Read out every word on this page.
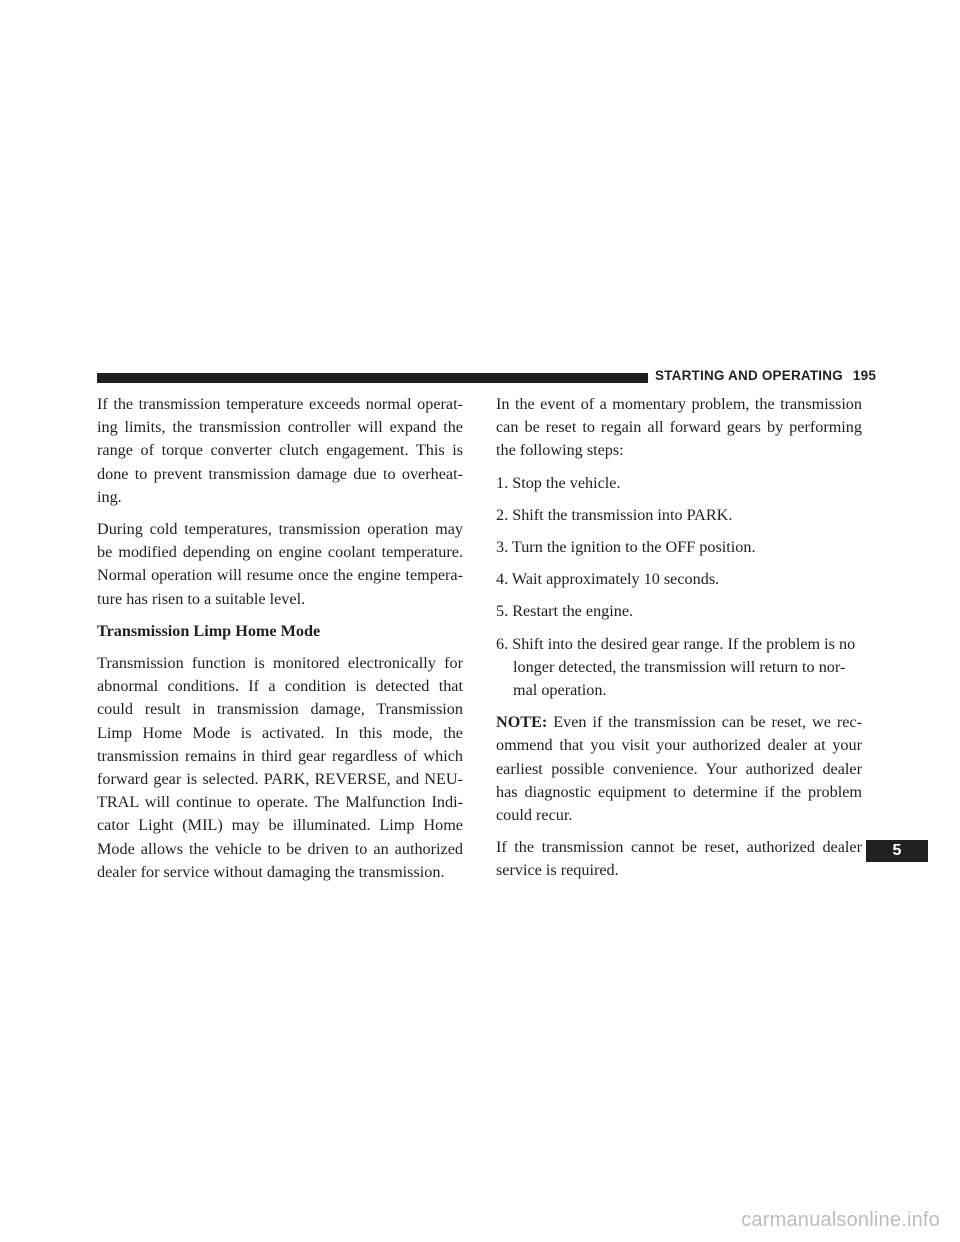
STARTING AND OPERATING 195

If the transmission temperature exceeds normal operat-ing limits, the transmission controller will expand the range of torque converter clutch engagement. This is done to prevent transmission damage due to overheat-ing.

During cold temperatures, transmission operation may be modified depending on engine coolant temperature. Normal operation will resume once the engine tempera-ture has risen to a suitable level.

Transmission Limp Home Mode

Transmission function is monitored electronically for abnormal conditions. If a condition is detected that could result in transmission damage, Transmission Limp Home Mode is activated. In this mode, the transmission remains in third gear regardless of which forward gear is selected. PARK, REVERSE, and NEU-TRAL will continue to operate. The Malfunction Indi-cator Light (MIL) may be illuminated. Limp Home Mode allows the vehicle to be driven to an authorized dealer for service without damaging the transmission.

In the event of a momentary problem, the transmission can be reset to regain all forward gears by performing the following steps:

1. Stop the vehicle.
2. Shift the transmission into PARK.
3. Turn the ignition to the OFF position.
4. Wait approximately 10 seconds.
5. Restart the engine.
6. Shift into the desired gear range. If the problem is no longer detected, the transmission will return to nor-mal operation.

NOTE: Even if the transmission can be reset, we rec-ommend that you visit your authorized dealer at your earliest possible convenience. Your authorized dealer has diagnostic equipment to determine if the problem could recur.

If the transmission cannot be reset, authorized dealer service is required.

5
carmanualsonline.info
